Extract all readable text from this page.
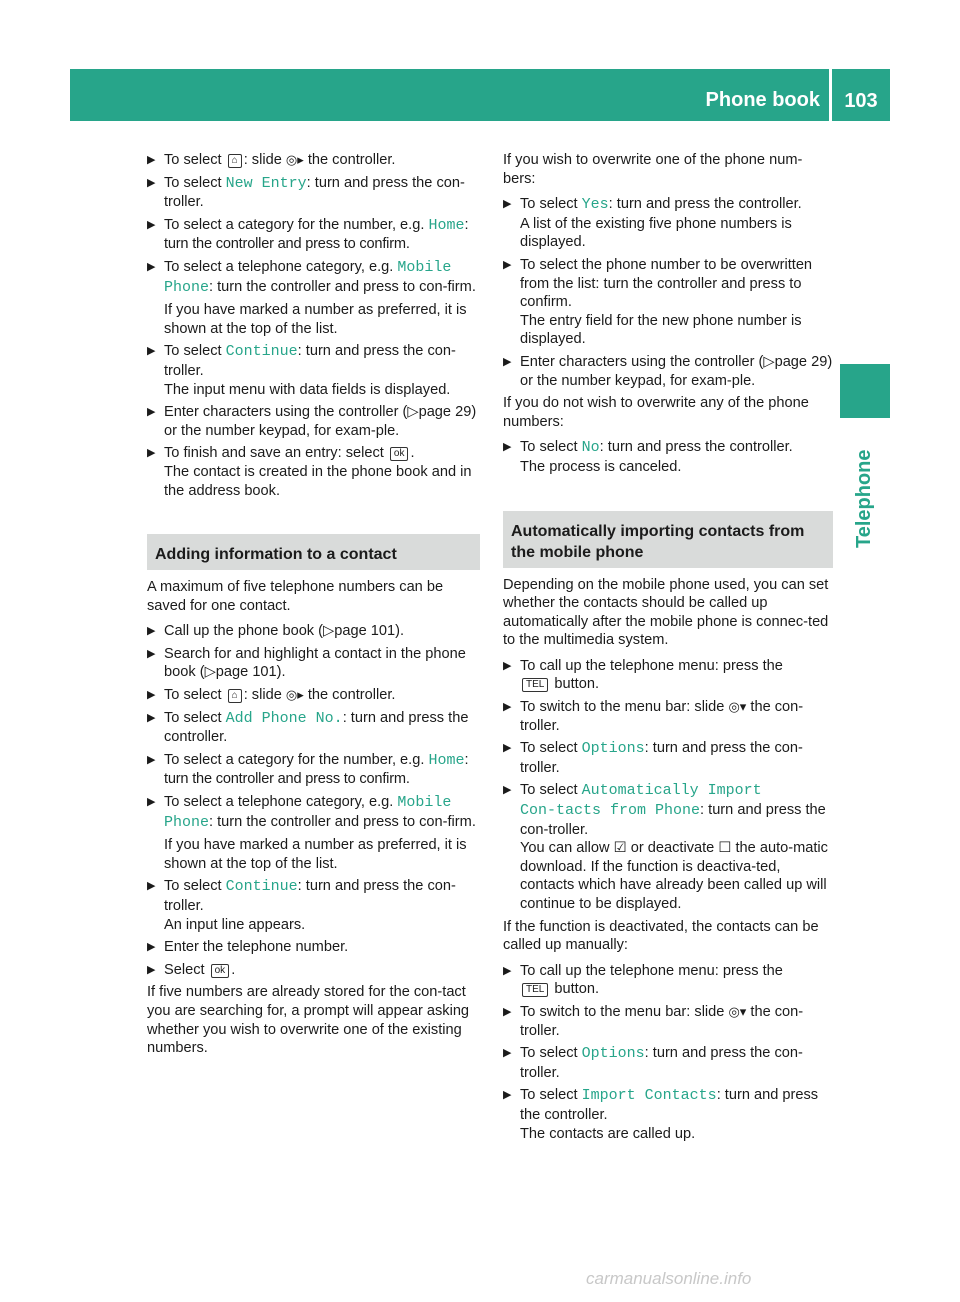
Phone book	103
Telephone
▶ To select ⌂ : slide ◎▸ the controller.
▶ To select New Entry: turn and press the con-troller.
▶ To select a category for the number, e.g. Home: turn the controller and press to confirm.
▶ To select a telephone category, e.g. Mobile Phone: turn the controller and press to con-firm.
If you have marked a number as preferred, it is shown at the top of the list.
▶ To select Continue: turn and press the con-troller.
The input menu with data fields is displayed.
▶ Enter characters using the controller (▷page 29) or the number keypad, for exam-ple.
▶ To finish and save an entry: select ok .
The contact is created in the phone book and in the address book.
Adding information to a contact
A maximum of five telephone numbers can be saved for one contact.
▶ Call up the phone book (▷page 101).
▶ Search for and highlight a contact in the phone book (▷page 101).
▶ To select ⌂ : slide ◎▸ the controller.
▶ To select Add Phone No.: turn and press the controller.
▶ To select a category for the number, e.g. Home: turn the controller and press to confirm.
▶ To select a telephone category, e.g. Mobile Phone: turn the controller and press to con-firm.
If you have marked a number as preferred, it is shown at the top of the list.
▶ To select Continue: turn and press the con-troller.
An input line appears.
▶ Enter the telephone number.
▶ Select ok .
If five numbers are already stored for the con-tact you are searching for, a prompt will appear asking whether you wish to overwrite one of the existing numbers.
If you wish to overwrite one of the phone num-bers:
▶ To select Yes: turn and press the controller.
A list of the existing five phone numbers is displayed.
▶ To select the phone number to be overwritten from the list: turn the controller and press to confirm.
The entry field for the new phone number is displayed.
▶ Enter characters using the controller (▷page 29) or the number keypad, for exam-ple.
If you do not wish to overwrite any of the phone numbers:
▶ To select No: turn and press the controller.
The process is canceled.
Automatically importing contacts from the mobile phone
Depending on the mobile phone used, you can set whether the contacts should be called up automatically after the mobile phone is connec-ted to the multimedia system.
▶ To call up the telephone menu: press the
TEL button.
▶ To switch to the menu bar: slide ◎▾ the con-troller.
▶ To select Options: turn and press the con-troller.
▶ To select Automatically Import Con‑tacts from Phone: turn and press the con-troller.
You can allow ☑ or deactivate ☐ the auto-matic download. If the function is deactiva-ted, contacts which have already been called up will continue to be displayed.
If the function is deactivated, the contacts can be called up manually:
▶ To call up the telephone menu: press the
TEL button.
▶ To switch to the menu bar: slide ◎▾ the con-troller.
▶ To select Options: turn and press the con-troller.
▶ To select Import Contacts: turn and press the controller.
The contacts are called up.
carmanualsonline.info
